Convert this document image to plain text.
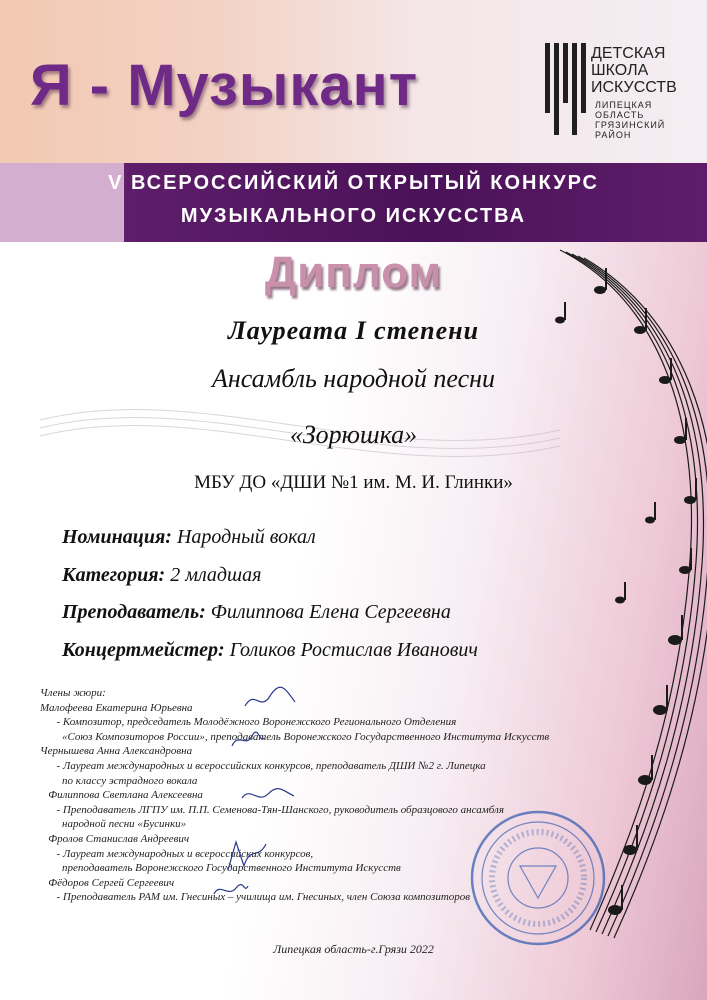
Я - Музыкант
V ВСЕРОССИЙСКИЙ ОТКРЫТЫЙ КОНКУРС
МУЗЫКАЛЬНОГО ИСКУССТВА
ДЕТСКАЯ
ШКОЛА
ИСКУССТВ
ЛИПЕЦКАЯ
ОБЛАСТЬ
ГРЯЗИНСКИЙ
РАЙОН
Диплом
Лауреата I степени
Ансамбль народной песни
«Зорюшка»
МБУ ДО «ДШИ №1 им. М. И. Глинки»
Номинация: Народный вокал
Категория: 2 младшая
Преподаватель: Филиппова Елена Сергеевна
Концертмейстер: Голиков Ростислав Иванович
Члены жюри:
Малофеева Екатерина Юрьевна
- Композитор, председатель Молодёжного Воронежского Регионального Отделения
«Союз Композиторов России», преподаватель Воронежского Государственного Института Искусств
Чернышева Анна Александровна
- Лауреат международных и всероссийских конкурсов, преподаватель ДШИ №2 г. Липецка
по классу эстрадного вокала
Филиппова Светлана Алексеевна
- Преподаватель ЛГПУ им. П.П. Семенова-Тян-Шанского, руководитель образцового ансамбля
народной песни «Бусинки»
Фролов Станислав Андреевич
- Лауреат международных и всероссийских конкурсов,
преподаватель Воронежского Государственного Института Искусств
Фёдоров Сергей Сергеевич
- Преподаватель РАМ им. Гнесиных – училища им. Гнесиных, член Союза композиторов
Липецкая область-г.Грязи 2022
